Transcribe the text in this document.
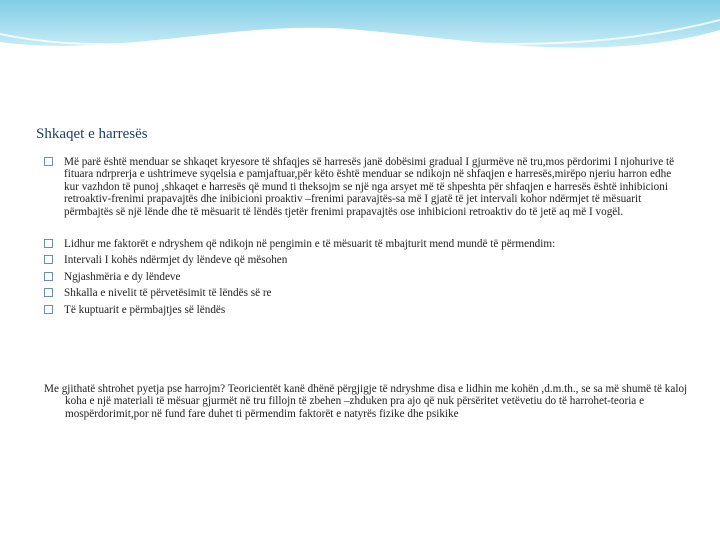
Shkaqet e harresës
Më parë është menduar se shkaqet kryesore të shfaqjes së harresës janë dobësimi gradual I gjurmëve në tru,mos përdorimi I njohurive të fituara ndrprerja e ushtrimeve syqelsia e pamjaftuar,për këto është menduar se ndikojn në shfaqjen e harresës,mirëpo njeriu harron edhe kur vazhdon të punoj ,shkaqet e harresës që mund ti theksojm se një nga arsyet më të shpeshta për shfaqjen e harresës është inhibicioni retroaktiv-frenimi prapavajtës dhe inibicioni proaktiv –frenimi paravajtës-sa më I gjatë të jet intervali kohor ndërmjet të mësuarit përmbajtës së një lënde dhe të mësuarit të lëndës tjetër frenimi prapavajtës ose inhibicioni retroaktiv do të jetë aq më I vogël.
Lidhur me faktorët e ndryshem që ndikojn në pengimin e të mësuarit të mbajturit mend mundë të përmendim:
Intervali I kohës ndërmjet dy lëndeve që mësohen
Ngjashmëria e dy lëndeve
Shkalla e nivelit të përvetësimit të lëndës së re
Të kuptuarit e përmbajtjes së lëndës
Me gjithatë shtrohet pyetja pse harrojm? Teoricientët kanë dhënë përgjigje të ndryshme disa e lidhin me kohën ,d.m.th., se sa më shumë të kaloj koha e një materiali të mësuar gjurmët në tru fillojn të zbehen –zhduken pra ajo që nuk përsëritet vetëvetiu do të harrohet-teoria e mospërdorimit,por në fund fare duhet ti përmendim faktorët e natyrës fizike dhe psikike
